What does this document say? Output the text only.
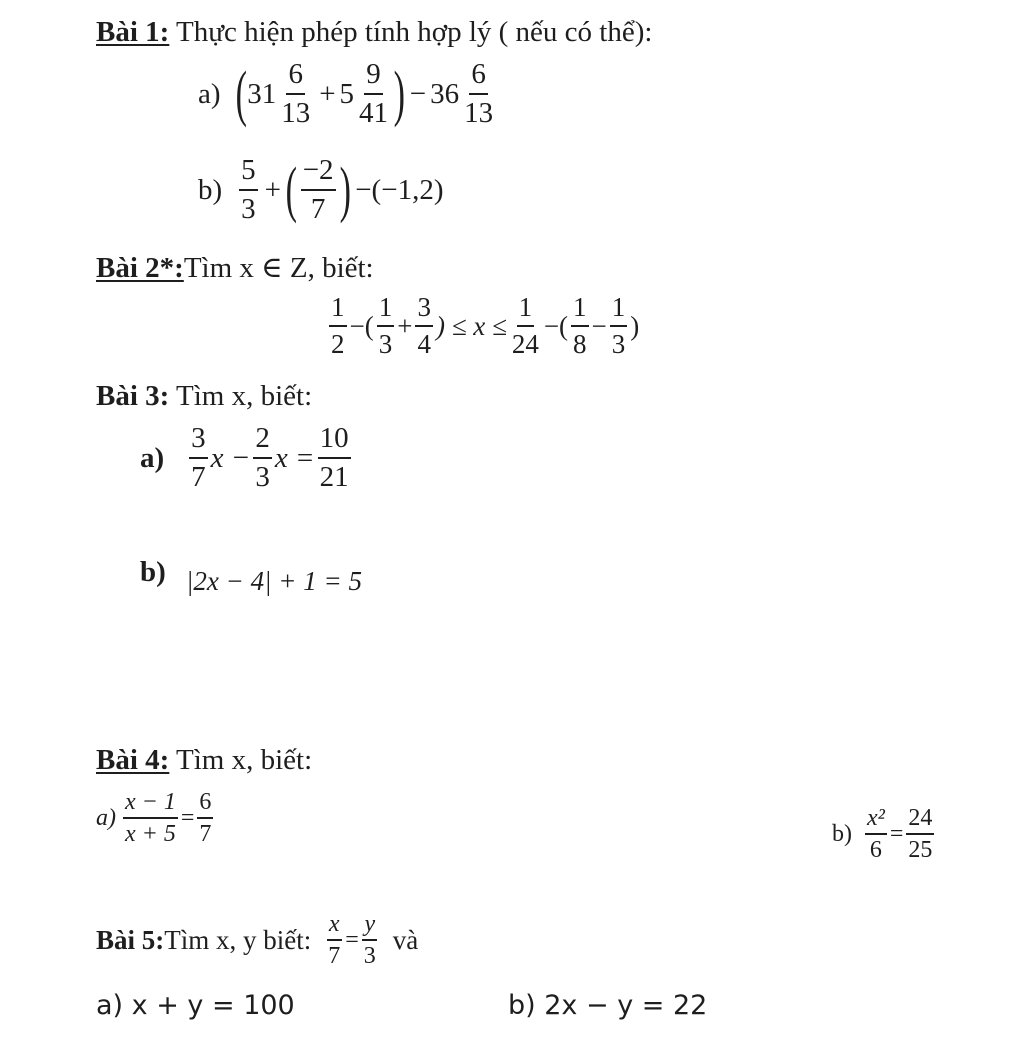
Bài 1: Thực hiện phép tính hợp lý ( nếu có thể):
a) ( $31 \frac{6}{13} + 5 \frac{9}{41}$ ) − $36 \frac{6}{13}$
$b) \frac{5}{3}$ + ( $\frac{-2}{7}$ ) −(−1,2)
Bài 2*:Tìm x ∈ Z, biết:
$\frac{1}{2}$ −( $\frac{1}{3} + \frac{3}{4}$ ) ≤ $x \le \frac{1}{24}$ −( $\frac{1}{8} - \frac{1}{3}$ )
Bài 3: Tìm x, biết:
$a) \frac{3}{7}$ $x - \frac{2}{3}$ $x = \frac{10}{21}$
b) |2x − 4| + 1 = 5
Bài 4: Tìm x, biết:
$a) \frac{x - 1}{x + 5} = \frac{6}{7}$	$b) \frac{\text{x²}}{6} = \frac{24}{25}$
Bài 5: Tìm x, y biết: $\frac{x}{7} = \frac{y}{3}$ và
a) x + y = 100	b) 2x − y = 22
